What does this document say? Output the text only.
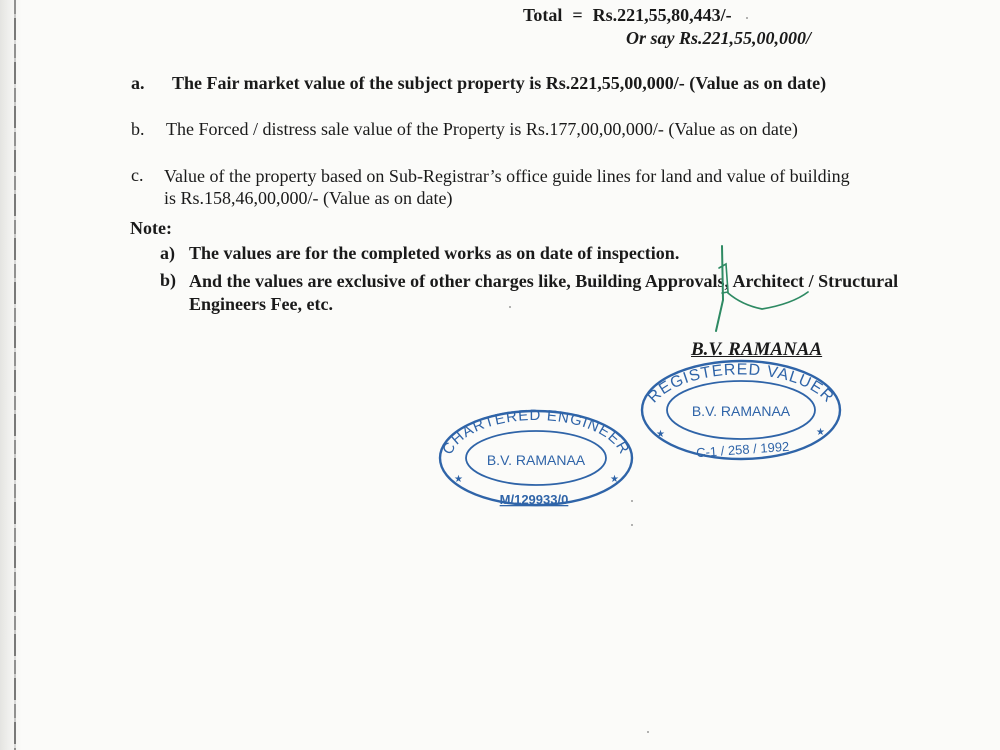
Total = Rs.221,55,80,443/-
Or say Rs.221,55,00,000/
a. The Fair market value of the subject property is Rs.221,55,00,000/- (Value as on date)
b. The Forced / distress sale value of the Property is Rs.177,00,00,000/- (Value as on date)
c. Value of the property based on Sub-Registrar’s office guide lines for land and value of building is Rs.158,46,00,000/- (Value as on date)
Note:
a) The values are for the completed works as on date of inspection.
b) And the values are exclusive of other charges like, Building Approvals, Architect / Structural Engineers Fee, etc.
B.V. RAMANAA
REGISTERED VALUER
B.V. RAMANAA
C-1 / 258 / 1992
★	★
CHARTERED ENGINEER
B.V. RAMANAA
M/129933/0
★	★
